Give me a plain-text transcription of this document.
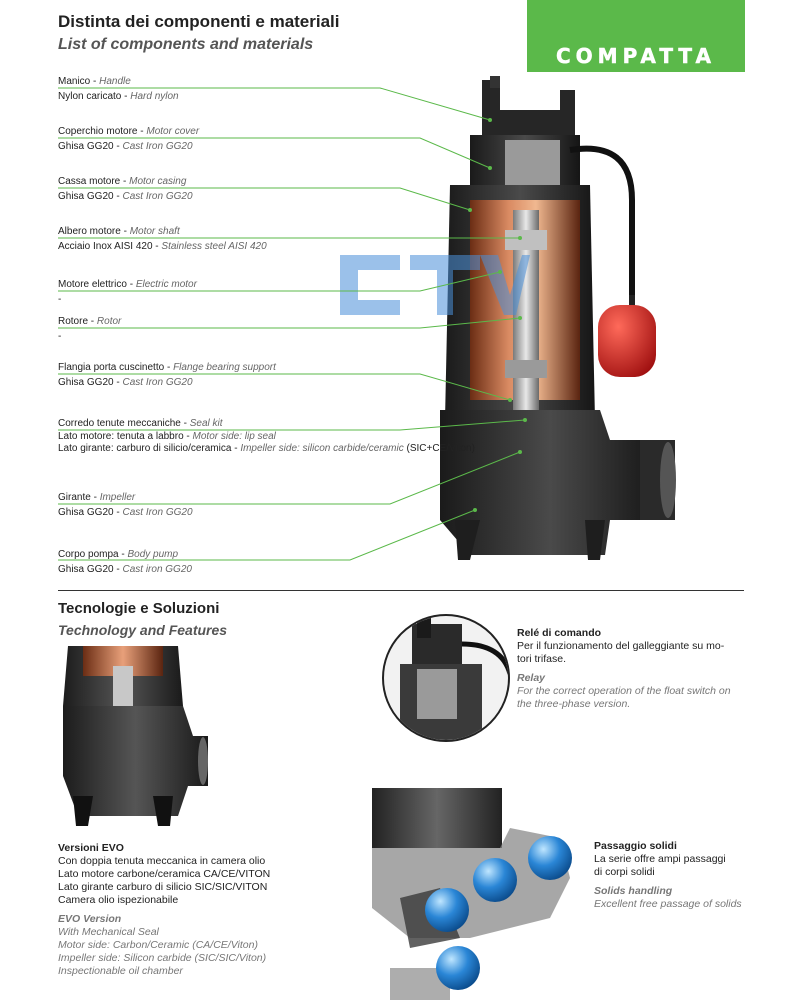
Distinta dei componenti e materiali
List of components and materials	COMPATTA
Manico - Handle
Nylon caricato - Hard nylon
Coperchio motore - Motor cover
Ghisa GG20 - Cast Iron GG20
Cassa motore - Motor casing
Ghisa GG20 - Cast Iron GG20
Albero motore - Motor shaft
Acciaio Inox AISI 420 - Stainless steel AISI 420
Motore elettrico - Electric motor
-
Rotore - Rotor
-
Flangia porta cuscinetto - Flange bearing support
Ghisa GG20 - Cast Iron GG20
Corredo tenute meccaniche - Seal kit
Lato motore: tenuta a labbro - Motor side: lip seal
Lato girante: carburo di silicio/ceramica - Impeller side: silicon carbide/ceramic (SIC+CE/Viton)
Girante - Impeller
Ghisa GG20 - Cast Iron GG20
Corpo pompa - Body pump
Ghisa GG20 - Cast iron GG20
Tecnologie e Soluzioni
Technology and Features	Relé di comando
Per il funzionamento del galleggiante su mo-
tori trifase.
Relay
For the correct operation of the float switch on
the three-phase version.
Versioni EVO
Con doppia tenuta meccanica in camera olio
Lato motore carbone/ceramica CA/CE/VITON
Lato girante carburo di silicio SIC/SIC/VITON
Camera olio ispezionabile
EVO Version
With Mechanical Seal
Motor side: Carbon/Ceramic (CA/CE/Viton)
Impeller side: Silicon carbide (SIC/SIC/Viton)
Inspectionable oil chamber
Passaggio solidi
La serie offre ampi passaggi
di corpi solidi
Solids handling
Excellent free passage of solids
